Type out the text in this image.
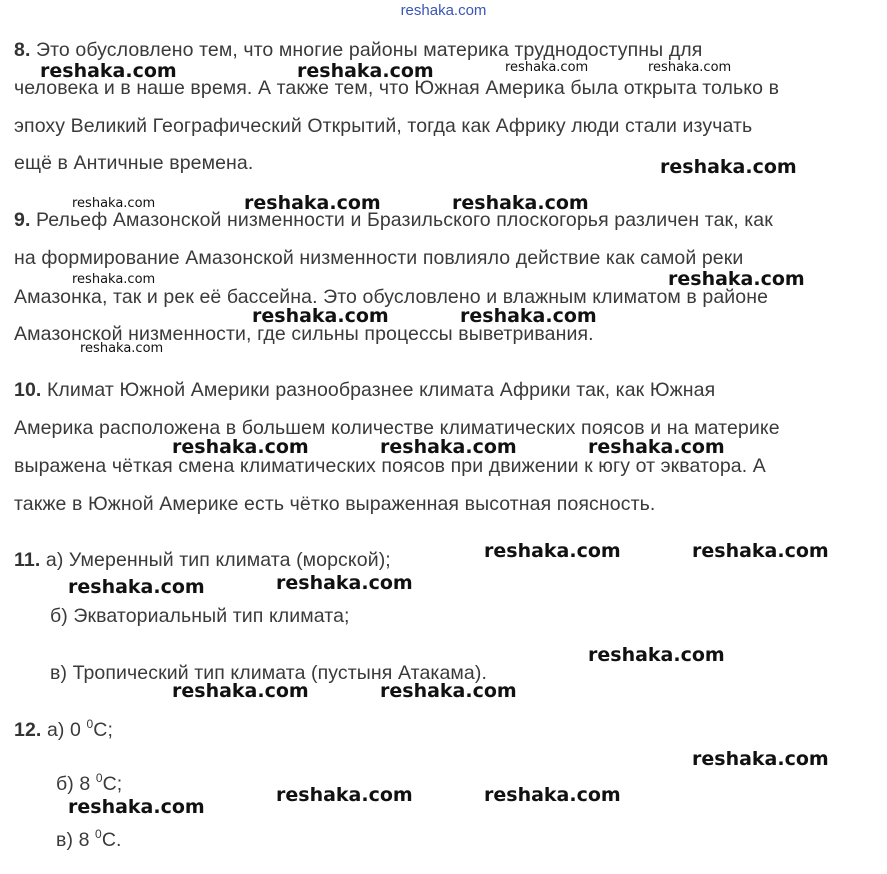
reshaka.com
8. Это обусловлено тем, что многие районы материка труднодоступны для
человека и в наше время. А также тем, что Южная Америка была открыта только в
эпоху Великий Географический Открытий, тогда как Африку люди стали изучать
ещё в Античные времена.
9. Рельеф Амазонской низменности и Бразильского плоскогорья различен так, как
на формирование Амазонской низменности повлияло действие как самой реки
Амазонка, так и рек её бассейна. Это обусловлено и влажным климатом в районе
Амазонской низменности, где сильны процессы выветривания.
10. Климат Южной Америки разнообразнее климата Африки так, как Южная
Америка расположена в большем количестве климатических поясов и на материке
выражена чёткая смена климатических поясов при движении к югу от экватора. А
также в Южной Америке есть чётко выраженная высотная поясность.
11. а) Умеренный тип климата (морской);
б) Экваториальный тип климата;
в) Тропический тип климата (пустыня Атакама).
12. а) 0 $^0$С;
б) 8 $^0$С;
в) 8 $^0$С.
reshaka.com	reshaka.com	reshaka.com	reshaka.com
reshaka.com
reshaka.com	reshaka.com	reshaka.com
reshaka.com	reshaka.com
reshaka.com	reshaka.com
reshaka.com
reshaka.com	reshaka.com	reshaka.com
reshaka.com	reshaka.com
reshaka.com	reshaka.com
reshaka.com
reshaka.com	reshaka.com
reshaka.com
reshaka.com
reshaka.com	reshaka.com
